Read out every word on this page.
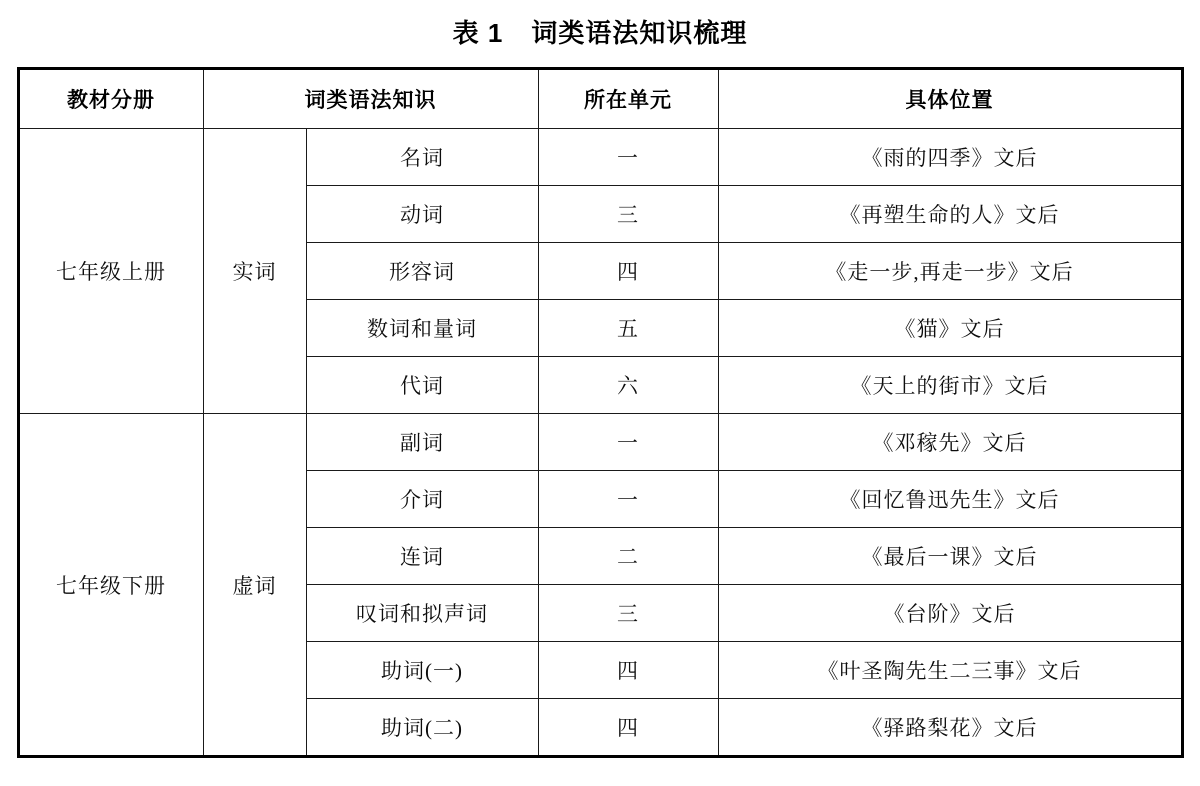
表 1 词类语法知识梳理
教材分册	词类语法知识		所在单元	具体位置
七年级上册	实词	名词	一	《雨的四季》文后
		动词	三	《再塑生命的人》文后
		形容词	四	《走一步,再走一步》文后
		数词和量词	五	《猫》文后
		代词	六	《天上的街市》文后
七年级下册	虚词	副词	一	《邓稼先》文后
		介词	一	《回忆鲁迅先生》文后
		连词	二	《最后一课》文后
		叹词和拟声词	三	《台阶》文后
		助词(一)	四	《叶圣陶先生二三事》文后
		助词(二)	四	《驿路梨花》文后
